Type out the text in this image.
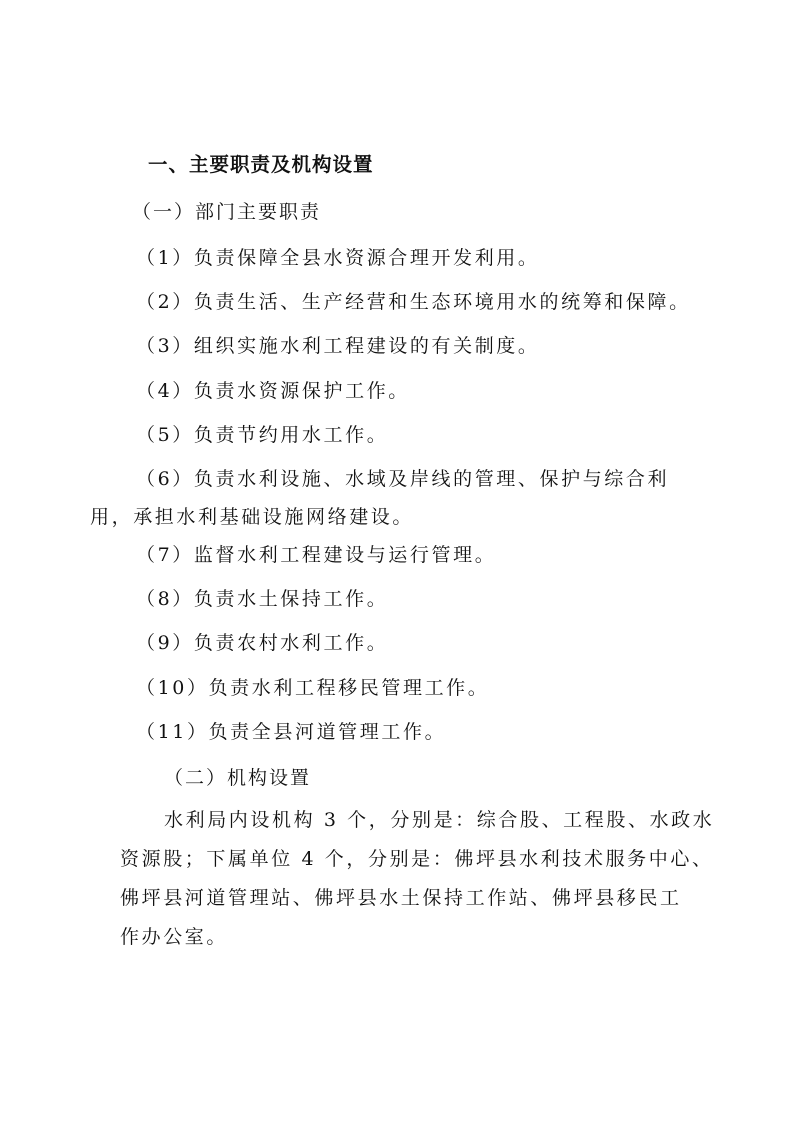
一、主要职责及机构设置
（一）部门主要职责
（1）负责保障全县水资源合理开发利用。
（2）负责生活、生产经营和生态环境用水的统筹和保障。
（3）组织实施水利工程建设的有关制度。
（4）负责水资源保护工作。
（5）负责节约用水工作。
（6）负责水利设施、水域及岸线的管理、保护与综合利
用，承担水利基础设施网络建设。
（7）监督水利工程建设与运行管理。
（8）负责水土保持工作。
（9）负责农村水利工作。
（10）负责水利工程移民管理工作。
（11）负责全县河道管理工作。
（二）机构设置
水利局内设机构 3 个，分别是：综合股、工程股、水政水
资源股；下属单位 4 个，分别是：佛坪县水利技术服务中心、
佛坪县河道管理站、佛坪县水土保持工作站、佛坪县移民工
作办公室。
